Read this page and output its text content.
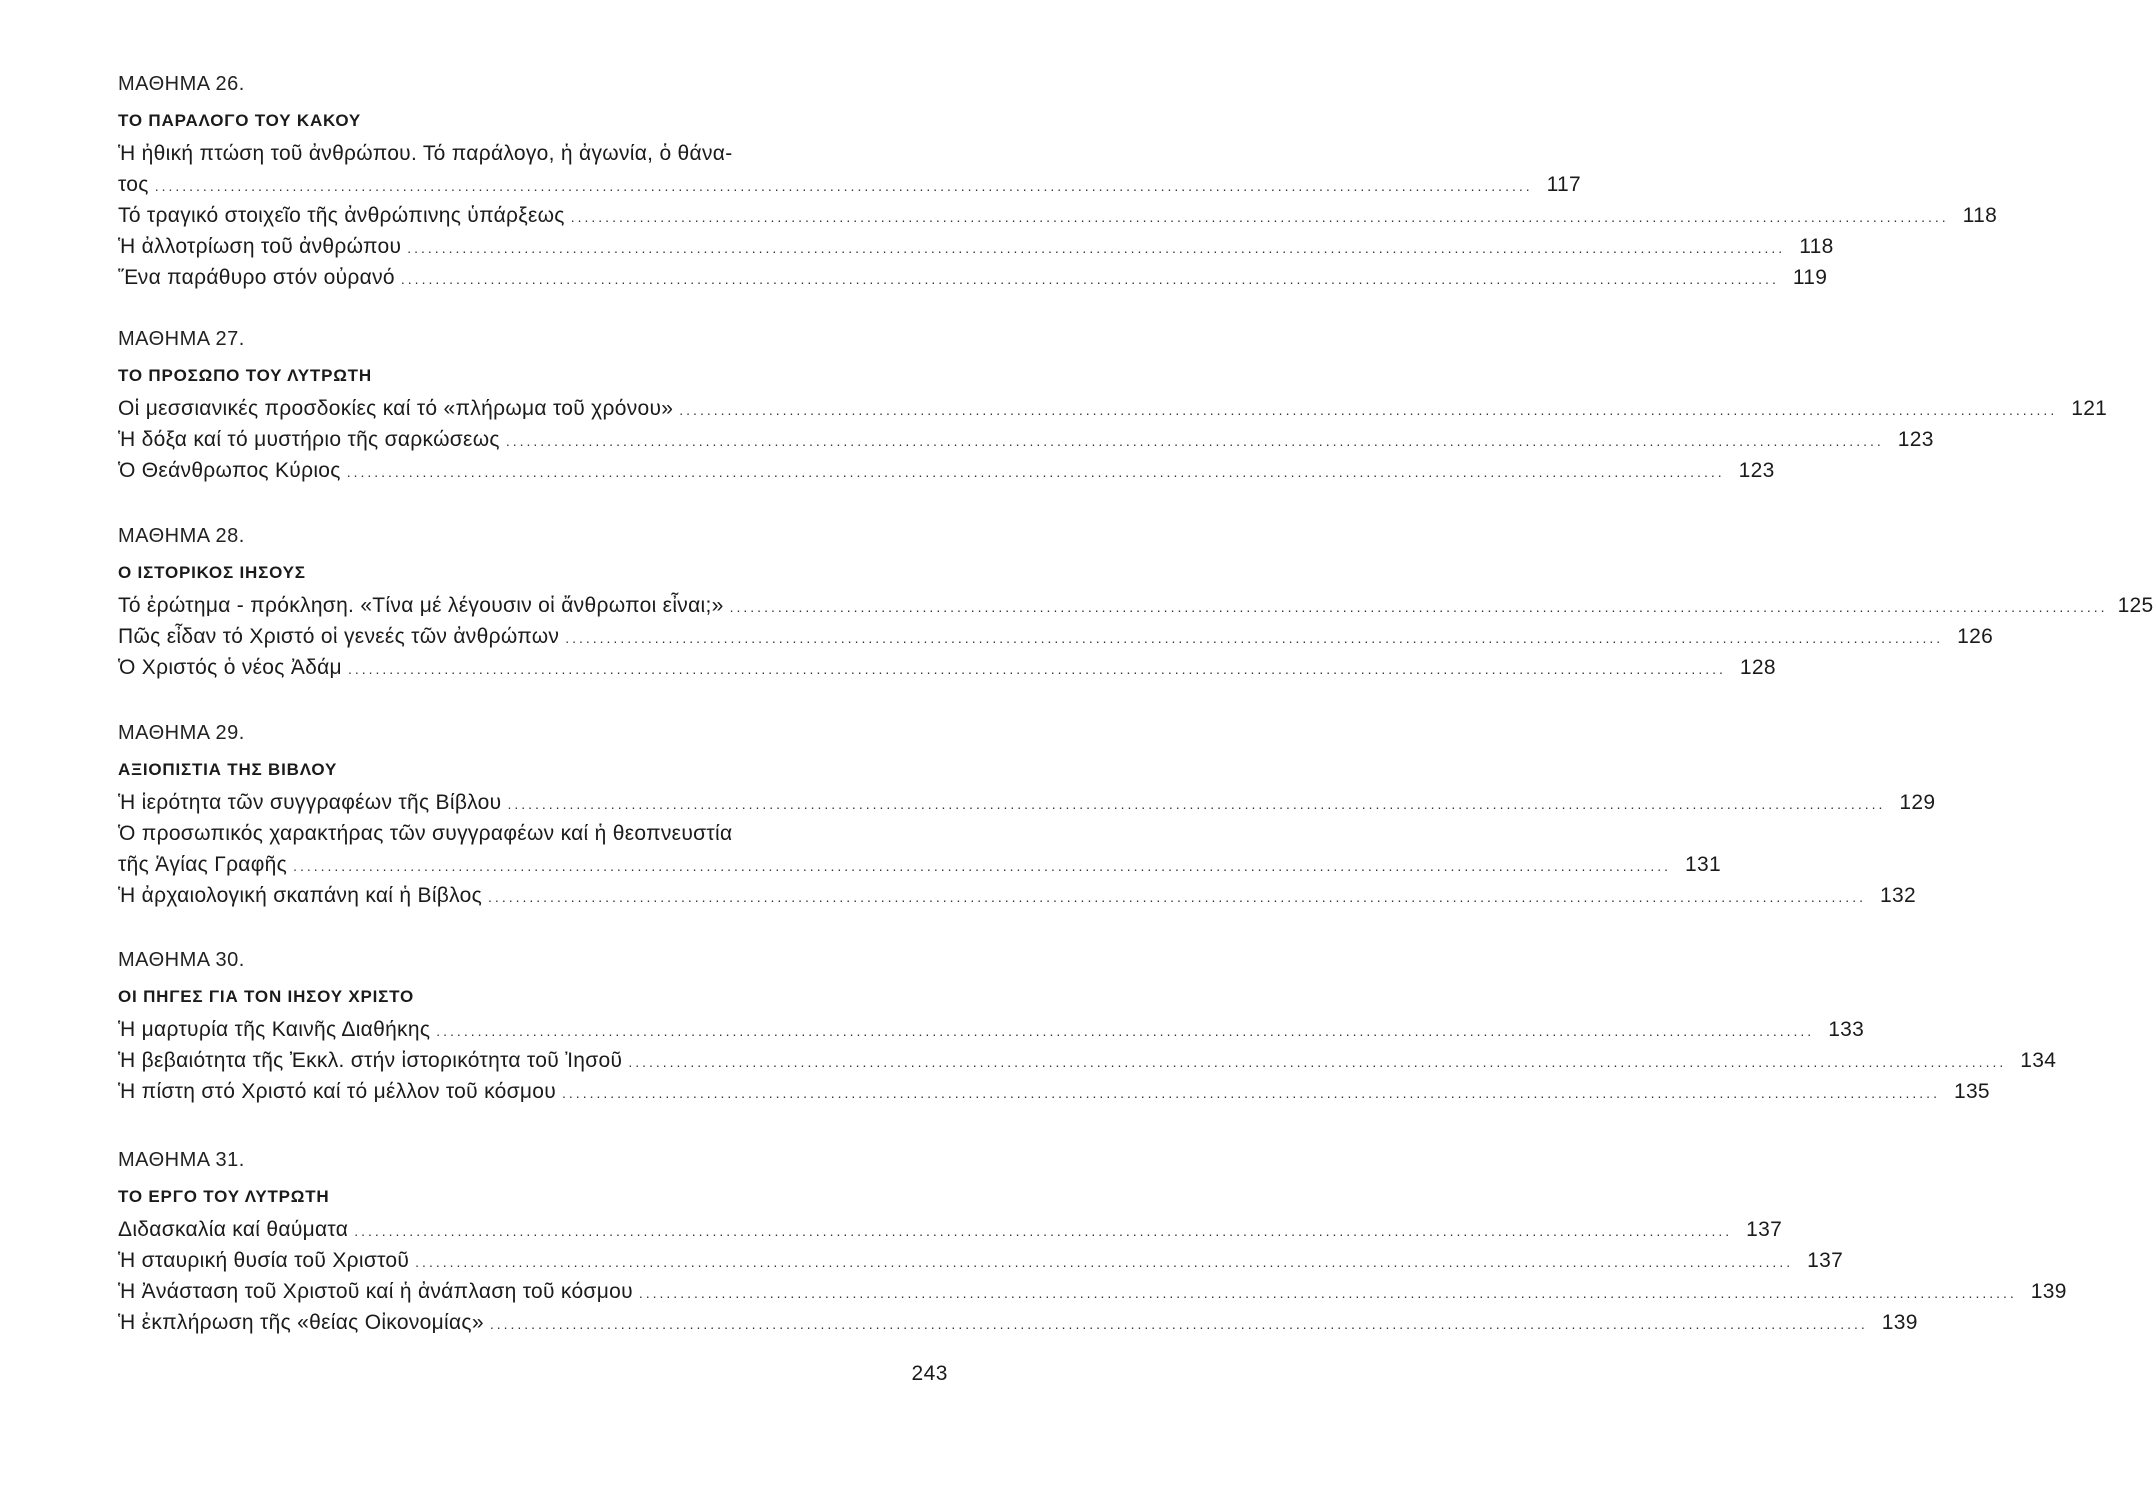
ΜΑΘΗΜΑ 26.
ΤΟ ΠΑΡΑΛΟΓΟ ΤΟΥ ΚΑΚΟΥ
Ἡ ἠθική πτώση τοῦ ἀνθρώπου. Τό παράλογο, ἡ ἀγωνία, ὁ θάνα-
τος ........................................................................................................................................................................................................ 117
Τό τραγικό στοιχεῖο τῆς ἀνθρώπινης ὑπάρξεως ........................................................................................................................................................................................................ 118
Ἡ ἀλλοτρίωση τοῦ ἀνθρώπου ........................................................................................................................................................................................................ 118
Ἕνα παράθυρο στόν οὐρανό ........................................................................................................................................................................................................ 119
ΜΑΘΗΜΑ 27.
ΤΟ ΠΡΟΣΩΠΟ ΤΟΥ ΛΥΤΡΩΤΗ
Οἱ μεσσιανικές προσδοκίες καί τό «πλήρωμα τοῦ χρόνου» ........................................................................................................................................................................................................ 121
Ἡ δόξα καί τό μυστήριο τῆς σαρκώσεως ........................................................................................................................................................................................................ 123
Ὁ Θεάνθρωπος Κύριος ........................................................................................................................................................................................................ 123
ΜΑΘΗΜΑ 28.
Ο ΙΣΤΟΡΙΚΟΣ ΙΗΣΟΥΣ
Τό ἐρώτημα - πρόκληση. «Τίνα μέ λέγουσιν οἱ ἄνθρωποι εἶναι;» ........................................................................................................................................................................................................ 125
Πῶς εἶδαν τό Χριστό οἱ γενεές τῶν ἀνθρώπων ........................................................................................................................................................................................................ 126
Ὁ Χριστός ὁ νέος Ἀδάμ ........................................................................................................................................................................................................ 128
ΜΑΘΗΜΑ 29.
ΑΞΙΟΠΙΣΤΙΑ ΤΗΣ ΒΙΒΛΟΥ
Ἡ ἱερότητα τῶν συγγραφέων τῆς Βίβλου ........................................................................................................................................................................................................ 129
Ὁ προσωπικός χαρακτήρας τῶν συγγραφέων καί ἡ θεοπνευστία
τῆς Ἁγίας Γραφῆς ........................................................................................................................................................................................................ 131
Ἡ ἀρχαιολογική σκαπάνη καί ἡ Βίβλος ........................................................................................................................................................................................................ 132
ΜΑΘΗΜΑ 30.
ΟΙ ΠΗΓΕΣ ΓΙΑ ΤΟΝ ΙΗΣΟΥ ΧΡΙΣΤΟ
Ἡ μαρτυρία τῆς Καινῆς Διαθήκης ........................................................................................................................................................................................................ 133
Ἡ βεβαιότητα τῆς Ἐκκλ. στήν ἱστορικότητα τοῦ Ἰησοῦ ........................................................................................................................................................................................................ 134
Ἡ πίστη στό Χριστό καί τό μέλλον τοῦ κόσμου ........................................................................................................................................................................................................ 135
ΜΑΘΗΜΑ 31.
ΤΟ ΕΡΓΟ ΤΟΥ ΛΥΤΡΩΤΗ
Διδασκαλία καί θαύματα ........................................................................................................................................................................................................ 137
Ἡ σταυρική θυσία τοῦ Χριστοῦ ........................................................................................................................................................................................................ 137
Ἡ Ἀνάσταση τοῦ Χριστοῦ καί ἡ ἀνάπλαση τοῦ κόσμου ........................................................................................................................................................................................................ 139
Ἡ ἐκπλήρωση τῆς «θείας Οἰκονομίας» ........................................................................................................................................................................................................ 139
243
